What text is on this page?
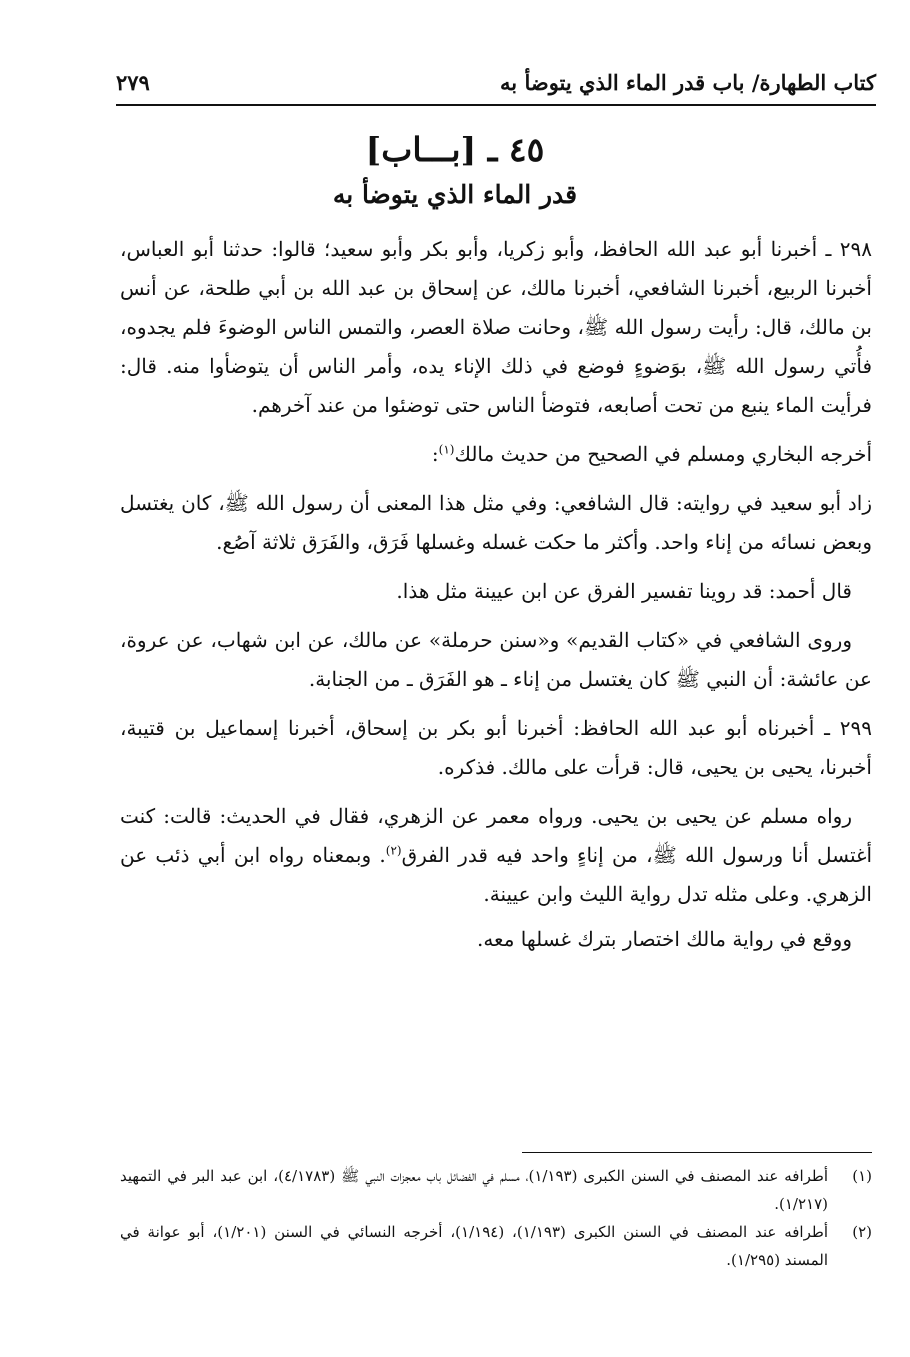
كتاب الطهارة/ باب قدر الماء الذي يتوضأ به
٢٧٩
٤٥ ـ [بـــاب]
قدر الماء الذي يتوضأ به

٢٩٨ ـ أخبرنا أبو عبد الله الحافظ، وأبو زكريا، وأبو بكر وأبو سعيد؛ قالوا: حدثنا أبو العباس، أخبرنا الربيع، أخبرنا الشافعي، أخبرنا مالك، عن إسحاق بن عبد الله بن أبي طلحة، عن أنس بن مالك، قال: رأيت رسول الله ﷺ، وحانت صلاة العصر، والتمس الناس الوضوءَ فلم يجدوه، فأُتي رسول الله ﷺ، بوَضوءٍ فوضع في ذلك الإناء يده، وأمر الناس أن يتوضأوا منه. قال: فرأيت الماء ينبع من تحت أصابعه، فتوضأ الناس حتى توضئوا من عند آخرهم.

أخرجه البخاري ومسلم في الصحيح من حديث مالك$^{(١)}$:

زاد أبو سعيد في روايته: قال الشافعي: وفي مثل هذا المعنى أن رسول الله ﷺ، كان يغتسل وبعض نسائه من إناء واحد. وأكثر ما حكت غسله وغسلها فَرَق، والفَرَق ثلاثة آصُع.

قال أحمد: قد روينا تفسير الفرق عن ابن عيينة مثل هذا.

وروى الشافعي في «كتاب القديم» و«سنن حرملة» عن مالك، عن ابن شهاب، عن عروة، عن عائشة: أن النبي ﷺ كان يغتسل من إناء ـ هو الفَرَق ـ من الجنابة.

٢٩٩ ـ أخبرناه أبو عبد الله الحافظ: أخبرنا أبو بكر بن إسحاق، أخبرنا إسماعيل بن قتيبة، أخبرنا، يحيى بن يحيى، قال: قرأت على مالك. فذكره.

رواه مسلم عن يحيى بن يحيى. ورواه معمر عن الزهري، فقال في الحديث: قالت: كنت أغتسل أنا ورسول الله ﷺ، من إناءٍ واحد فيه قدر الفرق$^{(٢)}$. وبمعناه رواه ابن أبي ذئب عن الزهري. وعلى مثله تدل رواية الليث وابن عيينة.

ووقع في رواية مالك اختصار بترك غسلها معه.

(١)
أطرافه عند المصنف في السنن الكبرى (١/١٩٣)، مسلم في الفضائل باب معجزات النبي ﷺ (٤/١٧٨٣)، ابن عبد البر في التمهيد (١/٢١٧).
(٢)
أطرافه عند المصنف في السنن الكبرى (١/١٩٣)، (١/١٩٤)، أخرجه النسائي في السنن (١/٢٠١)، أبو عوانة في المسند (١/٢٩٥).
